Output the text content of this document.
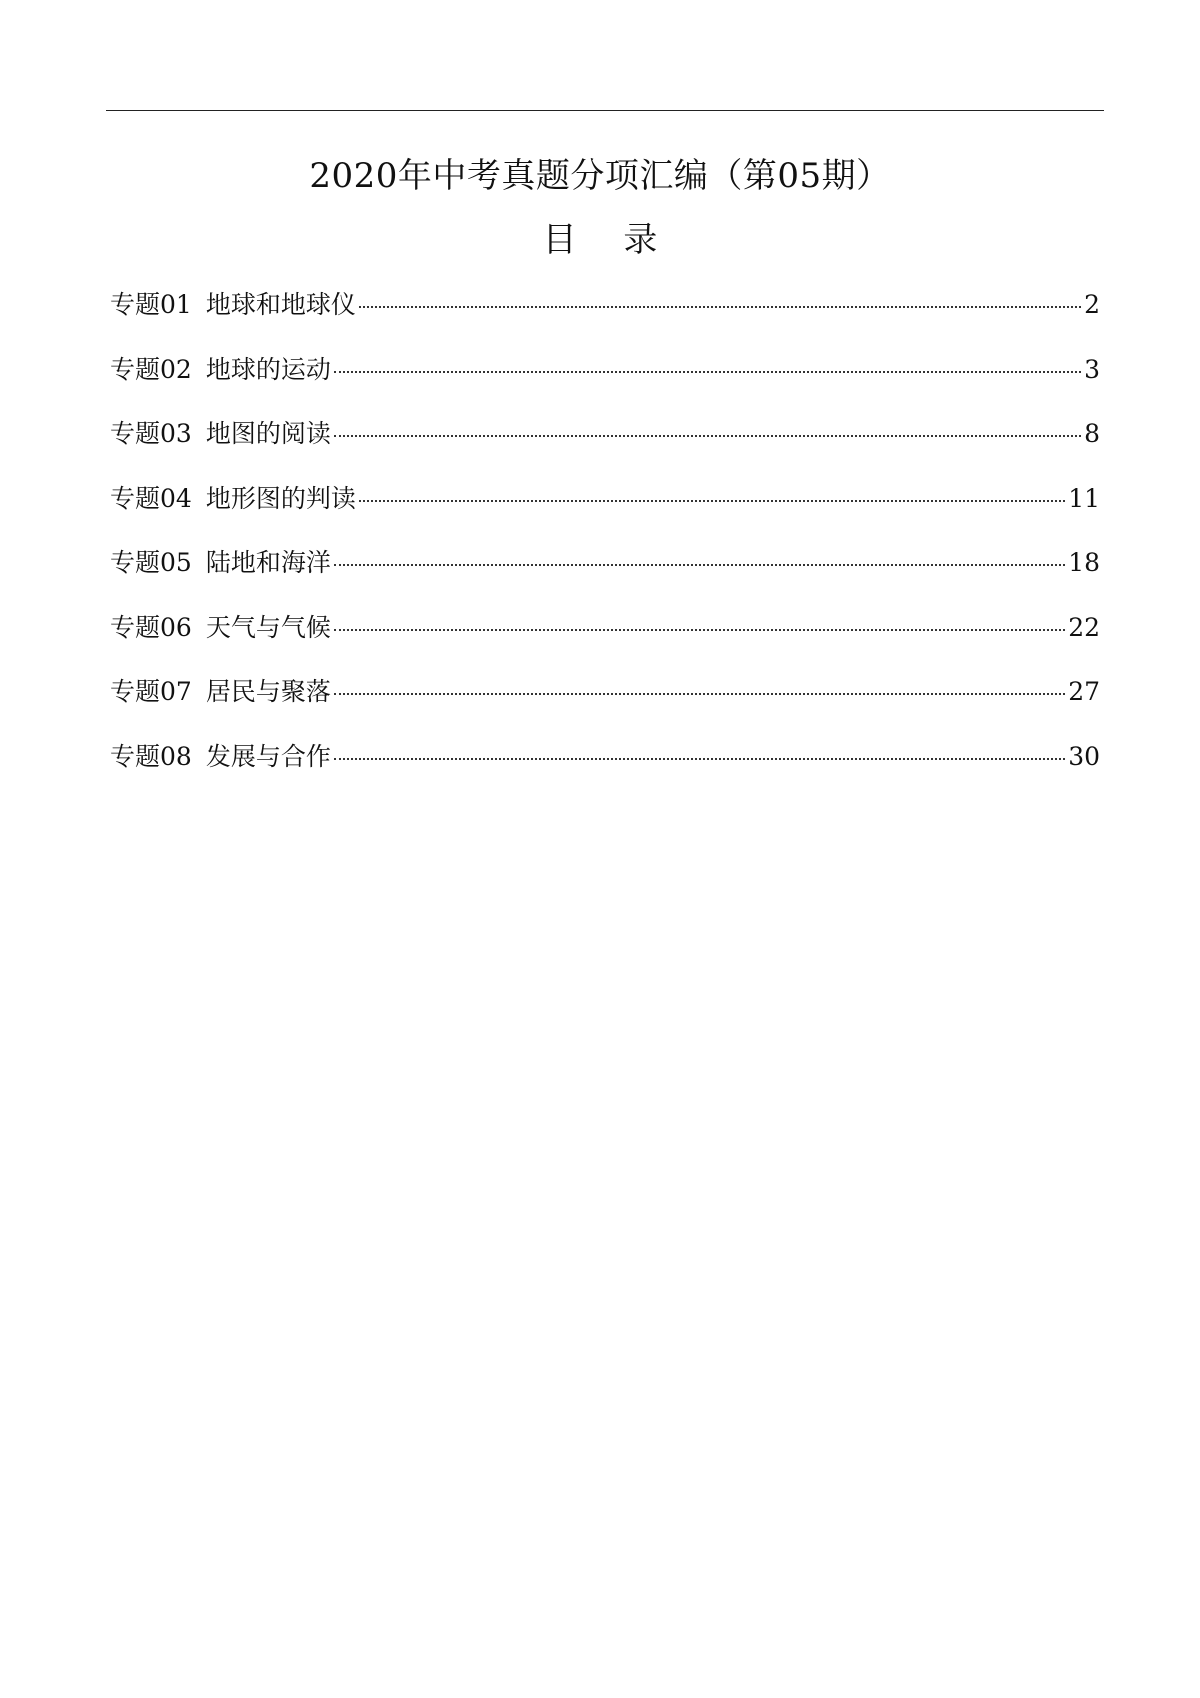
2020年中考真题分项汇编（第05期）
目 录
专题01 地球和地球仪	2
专题02 地球的运动	3
专题03 地图的阅读	8
专题04 地形图的判读	11
专题05 陆地和海洋	18
专题06 天气与气候	22
专题07 居民与聚落	27
专题08 发展与合作	30
